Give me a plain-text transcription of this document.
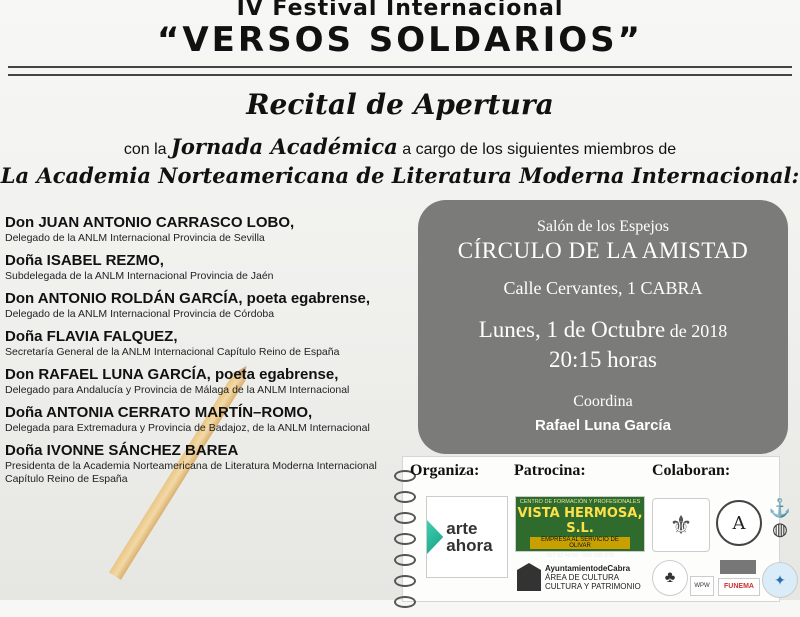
IV Festival Internacional
“VERSOS SOLDARIOS”
Recital de Apertura
con la Jornada Académica a cargo de los siguientes miembros de
La Academia Norteamericana de Literatura Moderna Internacional:
Don JUAN ANTONIO CARRASCO LOBO,
Delegado de la ANLM Internacional Provincia de Sevilla
Doña ISABEL REZMO,
Subdelegada de la ANLM Internacional Provincia de Jaén
Don ANTONIO ROLDÁN GARCÍA, poeta egabrense,
Delegado de la ANLM Internacional Provincia de Córdoba
Doña FLAVIA FALQUEZ,
Secretaría General de la ANLM Internacional Capítulo Reino de España
Don RAFAEL LUNA GARCÍA, poeta egabrense,
Delegado para Andalucía y Provincia de Málaga de la ANLM Internacional
Doña ANTONIA CERRATO MARTÍN–ROMO,
Delegada para Extremadura y Provincia de Badajoz, de la ANLM Internacional
Doña IVONNE SÁNCHEZ BAREA
Presidenta de la Academia Norteamericana de Literatura Moderna Internacional Capítulo Reino de España
Salón de los Espejos
CÍRCULO DE LA AMISTAD
Calle Cervantes, 1 CABRA
Lunes, 1 de Octubre de 2018
20:15 horas
Coordina
Rafael Luna García
Organiza: Patrocina:	Colaboran:
arte ahora
CENTRO DE FORMACIÓN Y PROFESIONALES
VISTA HERMOSA, S.L.
EMPRESA AL SERVICIO DE OLIVAR
957 32 40 60 · 689 935 876
AyuntamientodeCabra
ÁREA DE CULTURA
CULTURA Y PATRIMONIO
⚜ A
⚓
◍
♣	WPW	FUNEMA	✦
